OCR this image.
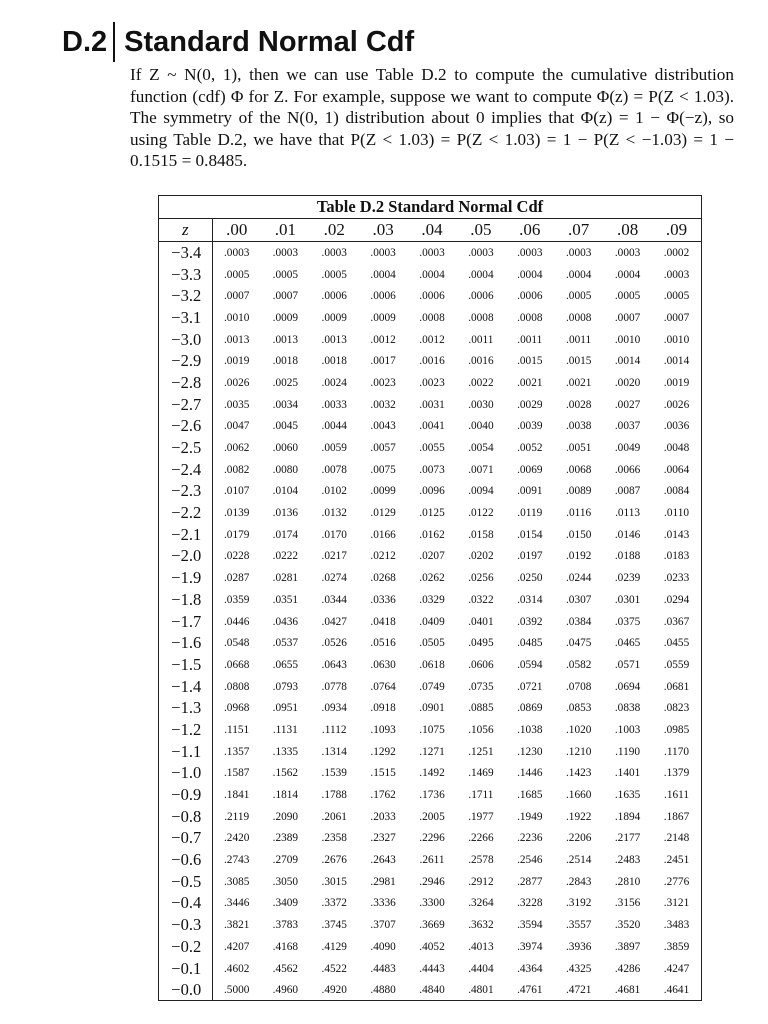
D.2 Standard Normal Cdf
If Z ~ N(0, 1), then we can use Table D.2 to compute the cumulative distribution function (cdf) Φ for Z. For example, suppose we want to compute Φ(z) = P(Z < 1.03). The symmetry of the N(0, 1) distribution about 0 implies that Φ(z) = 1 − Φ(−z), so using Table D.2, we have that P(Z < 1.03) = P(Z < 1.03) = 1 − P(Z < −1.03) = 1 − 0.1515 = 0.8485.
Table D.2 Standard Normal Cdf
z	.00	.01	.02	.03	.04	.05	.06	.07	.08	.09
−3.4	.0003	.0003	.0003	.0003	.0003	.0003	.0003	.0003	.0003	.0002
−3.3	.0005	.0005	.0005	.0004	.0004	.0004	.0004	.0004	.0004	.0003
−3.2	.0007	.0007	.0006	.0006	.0006	.0006	.0006	.0005	.0005	.0005
−3.1	.0010	.0009	.0009	.0009	.0008	.0008	.0008	.0008	.0007	.0007
−3.0	.0013	.0013	.0013	.0012	.0012	.0011	.0011	.0011	.0010	.0010
−2.9	.0019	.0018	.0018	.0017	.0016	.0016	.0015	.0015	.0014	.0014
−2.8	.0026	.0025	.0024	.0023	.0023	.0022	.0021	.0021	.0020	.0019
−2.7	.0035	.0034	.0033	.0032	.0031	.0030	.0029	.0028	.0027	.0026
−2.6	.0047	.0045	.0044	.0043	.0041	.0040	.0039	.0038	.0037	.0036
−2.5	.0062	.0060	.0059	.0057	.0055	.0054	.0052	.0051	.0049	.0048
−2.4	.0082	.0080	.0078	.0075	.0073	.0071	.0069	.0068	.0066	.0064
−2.3	.0107	.0104	.0102	.0099	.0096	.0094	.0091	.0089	.0087	.0084
−2.2	.0139	.0136	.0132	.0129	.0125	.0122	.0119	.0116	.0113	.0110
−2.1	.0179	.0174	.0170	.0166	.0162	.0158	.0154	.0150	.0146	.0143
−2.0	.0228	.0222	.0217	.0212	.0207	.0202	.0197	.0192	.0188	.0183
−1.9	.0287	.0281	.0274	.0268	.0262	.0256	.0250	.0244	.0239	.0233
−1.8	.0359	.0351	.0344	.0336	.0329	.0322	.0314	.0307	.0301	.0294
−1.7	.0446	.0436	.0427	.0418	.0409	.0401	.0392	.0384	.0375	.0367
−1.6	.0548	.0537	.0526	.0516	.0505	.0495	.0485	.0475	.0465	.0455
−1.5	.0668	.0655	.0643	.0630	.0618	.0606	.0594	.0582	.0571	.0559
−1.4	.0808	.0793	.0778	.0764	.0749	.0735	.0721	.0708	.0694	.0681
−1.3	.0968	.0951	.0934	.0918	.0901	.0885	.0869	.0853	.0838	.0823
−1.2	.1151	.1131	.1112	.1093	.1075	.1056	.1038	.1020	.1003	.0985
−1.1	.1357	.1335	.1314	.1292	.1271	.1251	.1230	.1210	.1190	.1170
−1.0	.1587	.1562	.1539	.1515	.1492	.1469	.1446	.1423	.1401	.1379
−0.9	.1841	.1814	.1788	.1762	.1736	.1711	.1685	.1660	.1635	.1611
−0.8	.2119	.2090	.2061	.2033	.2005	.1977	.1949	.1922	.1894	.1867
−0.7	.2420	.2389	.2358	.2327	.2296	.2266	.2236	.2206	.2177	.2148
−0.6	.2743	.2709	.2676	.2643	.2611	.2578	.2546	.2514	.2483	.2451
−0.5	.3085	.3050	.3015	.2981	.2946	.2912	.2877	.2843	.2810	.2776
−0.4	.3446	.3409	.3372	.3336	.3300	.3264	.3228	.3192	.3156	.3121
−0.3	.3821	.3783	.3745	.3707	.3669	.3632	.3594	.3557	.3520	.3483
−0.2	.4207	.4168	.4129	.4090	.4052	.4013	.3974	.3936	.3897	.3859
−0.1	.4602	.4562	.4522	.4483	.4443	.4404	.4364	.4325	.4286	.4247
−0.0	.5000	.4960	.4920	.4880	.4840	.4801	.4761	.4721	.4681	.4641
